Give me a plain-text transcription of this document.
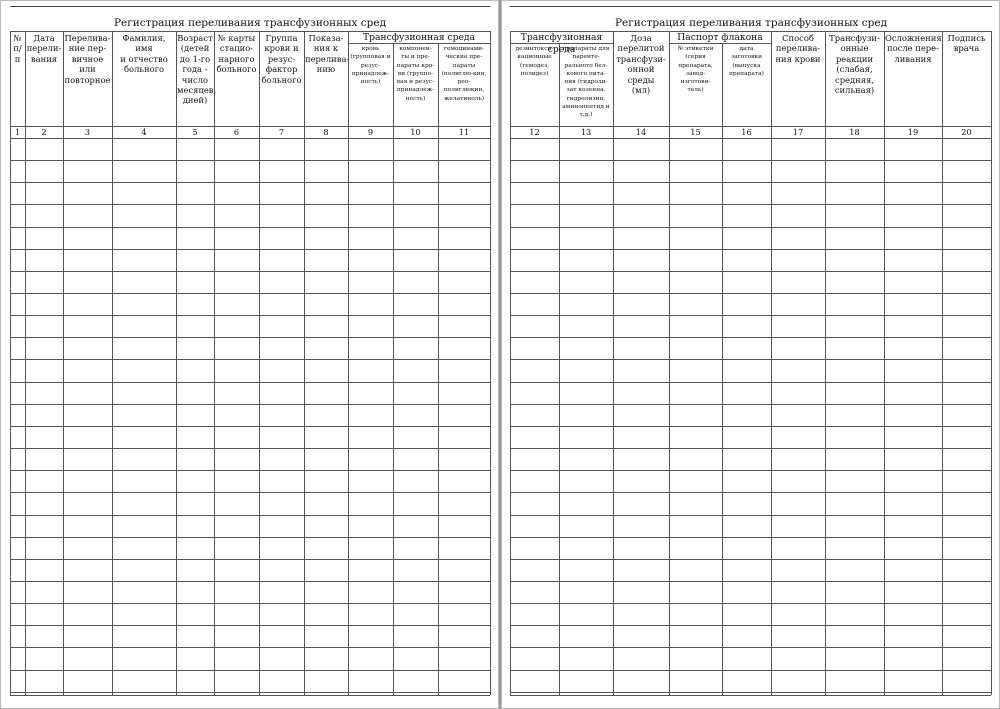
Регистрация переливания трансфузионных сред
Трансфузионная среда
№
п/
п
1
Дата
перели-
вания
2
Перелива-
ние пер-
вичное или
повторное
3
Фамилия, имя
и отчество
больного
4
Возраст
(детей
до 1-го
года -
число
месяцев,
дней)
5
№ карты
стацио-
нарного
больного
6
Группа
крови и
резус-
фактор
больного
7
Показа-
ния к
перелива-
нию
8
кровь
(групповая и
резус-
принадлеж-
ность)
9
компонен-
ты и пре-
параты кро-
ви (группо-
вая и резус-
принадлеж-
ность)
10
гемодинами-
ческие пре-
параты
(полиглю-кин,
рео-
полиглюкин,
желатиноль)
11
Регистрация переливания трансфузионных сред
Трансфузионная среда
Паспорт флакона
дезинтокси-
кационные
(гемодез,
полидез)
12
препараты для
паренте-
рального бел-
кового пита-
ния (гидроли-
зат козеина,
гидролизин,
аминопептид и
т.д.)
13
Доза
перелитой
трансфузи-
онной среды
(мл)
14
№ этикетки
(серия
препарата,
завод-
изготови-
тель)
15
дата
заготовки
(выпуска
препарата)
16
Способ
перелива-
ния крови
17
Трансфузи-
онные
реакции
(слабая,
средняя,
сильная)
18
Осложнения
после пере-
ливания
19
Подпись
врача
20
